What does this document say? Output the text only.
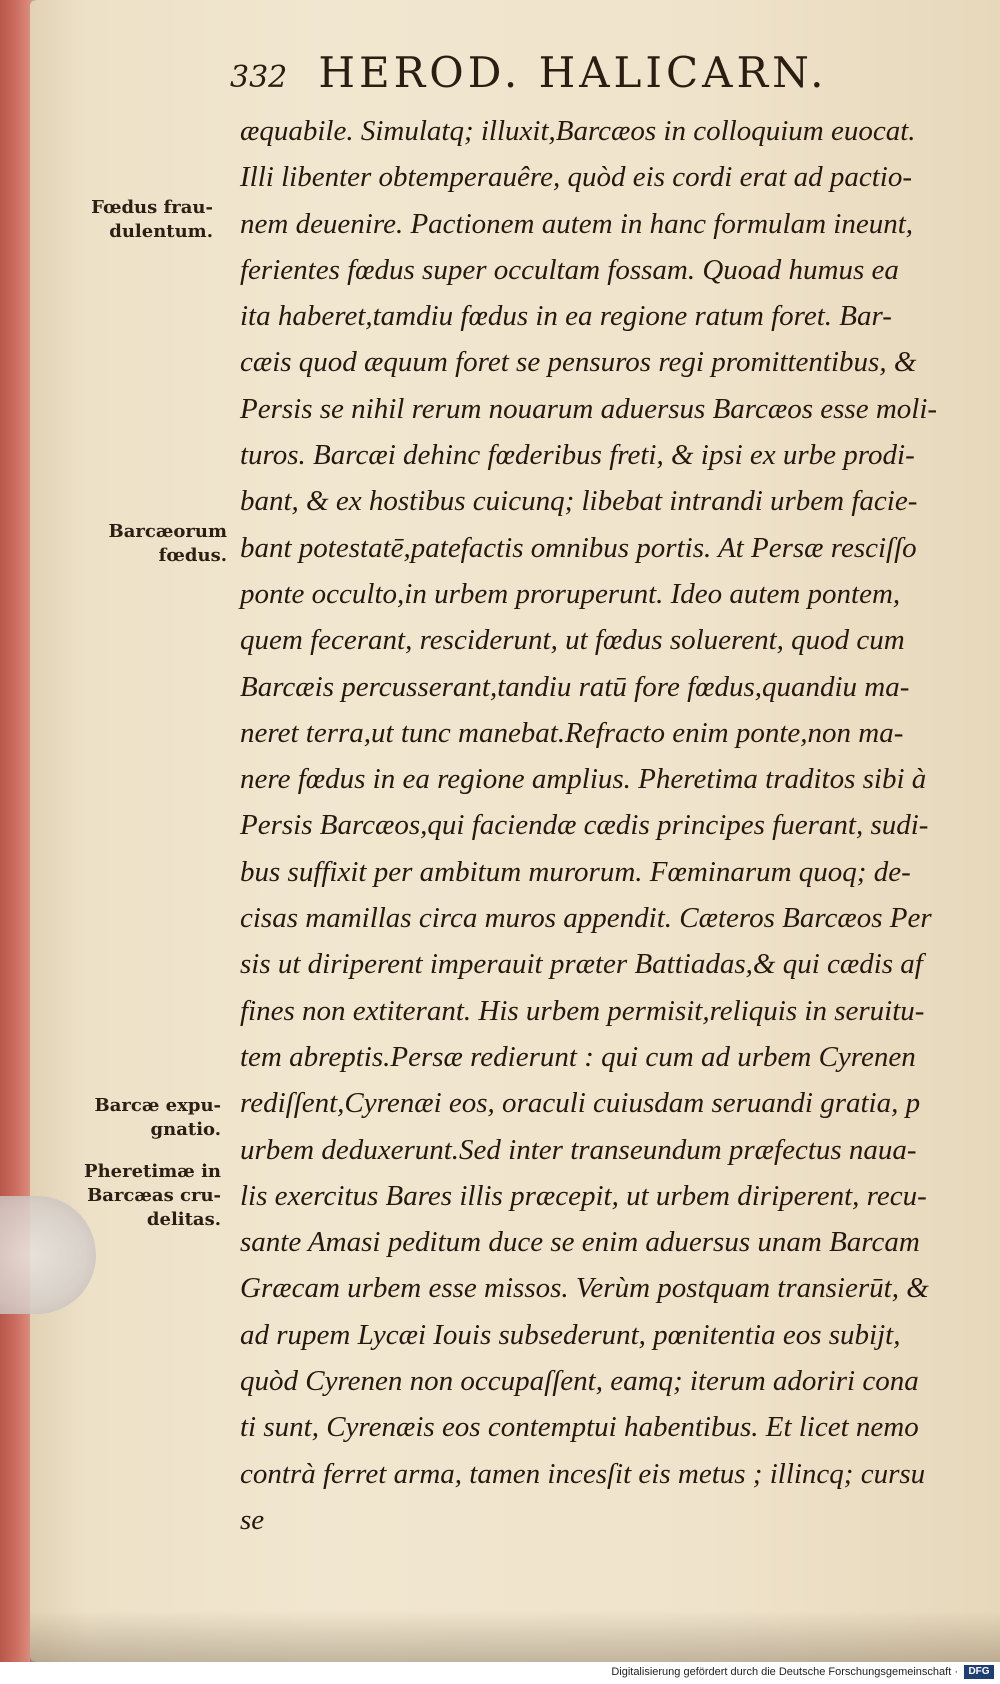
332 HEROD. HALICARN.
æquabile. Simulatq; illuxit,Barcæos in colloquium euocat.
Illi libenter obtemperauêre, quòd eis cordi erat ad pactio-
nem deuenire. Pactionem autem in hanc formulam ineunt,
ferientes fœdus super occultam fossam. Quoad humus ea
ita haberet,tamdiu fœdus in ea regione ratum foret. Bar-
cæis quod æquum foret se pensuros regi promittentibus, &
Persis se nihil rerum nouarum aduersus Barcæos esse moli-
turos. Barcæi dehinc fœderibus freti, & ipsi ex urbe prodi-
bant, & ex hostibus cuicunq; libebat intrandi urbem facie-
bant potestatē,patefactis omnibus portis. At Persæ resciſſo
ponte occulto,in urbem proruperunt. Ideo autem pontem,
quem fecerant, resciderunt, ut fœdus soluerent, quod cum
Barcæis percusserant,tandiu ratū fore fœdus,quandiu ma-
neret terra,ut tunc manebat.Refracto enim ponte,non ma-
nere fœdus in ea regione amplius. Pheretima traditos sibi à
Persis Barcæos,qui faciendæ cædis principes fuerant, sudi-
bus suffixit per ambitum murorum. Fœminarum quoq; de-
cisas mamillas circa muros appendit. Cæteros Barcæos Per
sis ut diriperent imperauit præter Battiadas,& qui cædis af
fines non extiterant. His urbem permisit,reliquis in seruitu-
tem abreptis.Persæ redierunt : qui cum ad urbem Cyrenen
rediſſent,Cyrenæi eos, oraculi cuiusdam seruandi gratia, p
urbem deduxerunt.Sed inter transeundum præfectus naua-
lis exercitus Bares illis præcepit, ut urbem diriperent, recu-
sante Amasi peditum duce se enim aduersus unam Barcam
Græcam urbem esse missos. Verùm postquam transierūt, &
ad rupem Lycæi Iouis subsederunt, pœnitentia eos subijt,
quòd Cyrenen non occupaſſent, eamq; iterum adoriri cona
ti sunt, Cyrenæis eos contemptui habentibus. Et licet nemo
contrà ferret arma, tamen incesſit eis metus ; illincq; cursu
se
Fœdus frau-
dulentum.
Barcæorum
fœdus.
Barcæ expu-
gnatio.
Pheretimæ in
Barcæas cru-
delitas.
Digitalisierung gefördert durch die Deutsche Forschungsgemeinschaft ·	DFG
